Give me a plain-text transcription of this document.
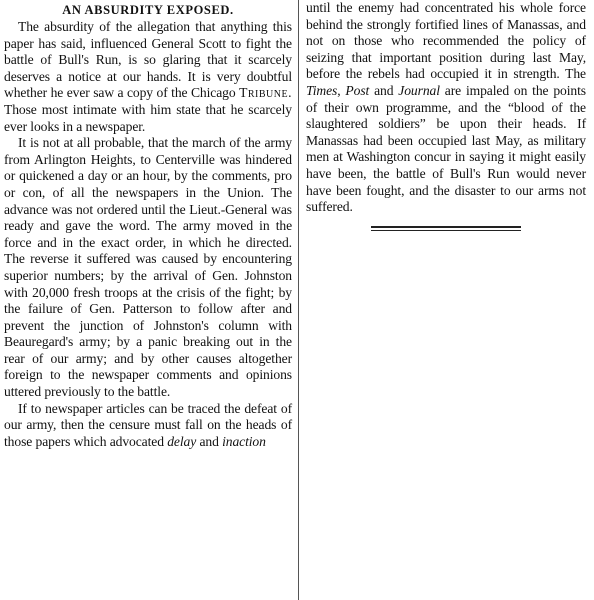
AN ABSURDITY EXPOSED.

The absurdity of the allegation that anything this paper has said, influenced General Scott to fight the battle of Bull's Run, is so glaring that it scarcely deserves a notice at our hands. It is very doubtful whether he ever saw a copy of the Chicago Tribune. Those most intimate with him state that he scarcely ever looks in a newspaper.

It is not at all probable, that the march of the army from Arlington Heights, to Centerville was hindered or quickened a day or an hour, by the comments, pro or con, of all the newspapers in the Union. The advance was not ordered until the Lieut.-General was ready and gave the word. The army moved in the force and in the exact order, in which he directed. The reverse it suffered was caused by encountering superior numbers; by the arrival of Gen. Johnston with 20,000 fresh troops at the crisis of the fight; by the failure of Gen. Patterson to follow after and prevent the junction of Johnston's column with Beauregard's army; by a panic breaking out in the rear of our army; and by other causes altogether foreign to the newspaper comments and opinions uttered previously to the battle.

If to newspaper articles can be traced the defeat of our army, then the censure must fall on the heads of those papers which advocated delay and inaction

until the enemy had concentrated his whole force behind the strongly fortified lines of Manassas, and not on those who recommended the policy of seizing that important position during last May, before the rebels had occupied it in strength. The Times, Post and Journal are impaled on the points of their own programme, and the “blood of the slaughtered soldiers” be upon their heads. If Manassas had been occupied last May, as military men at Washington concur in saying it might easily have been, the battle of Bull's Run would never have been fought, and the disaster to our arms not suffered.
